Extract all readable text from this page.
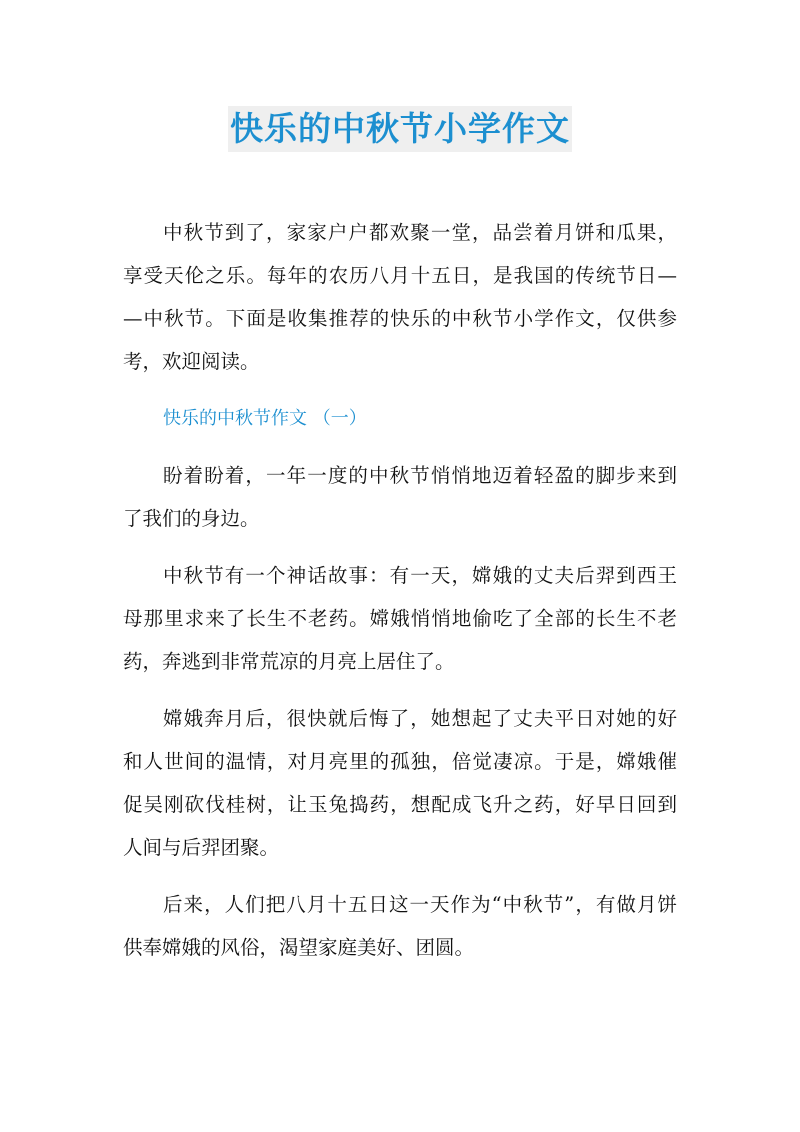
快乐的中秋节小学作文
中秋节到了，家家户户都欢聚一堂，品尝着月饼和瓜果，
享受天伦之乐。每年的农历八月十五日，是我国的传统节日—
—中秋节。下面是收集推荐的快乐的中秋节小学作文，仅供参
考，欢迎阅读。
快乐的中秋节作文 （一）
盼着盼着，一年一度的中秋节悄悄地迈着轻盈的脚步来到
了我们的身边。
中秋节有一个神话故事：有一天，嫦娥的丈夫后羿到西王
母那里求来了长生不老药。嫦娥悄悄地偷吃了全部的长生不老
药，奔逃到非常荒凉的月亮上居住了。
嫦娥奔月后，很快就后悔了，她想起了丈夫平日对她的好
和人世间的温情，对月亮里的孤独，倍觉凄凉。于是，嫦娥催
促吴刚砍伐桂树，让玉兔捣药，想配成飞升之药，好早日回到
人间与后羿团聚。
后来，人们把八月十五日这一天作为“中秋节”，有做月饼
供奉嫦娥的风俗，渴望家庭美好、团圆。
